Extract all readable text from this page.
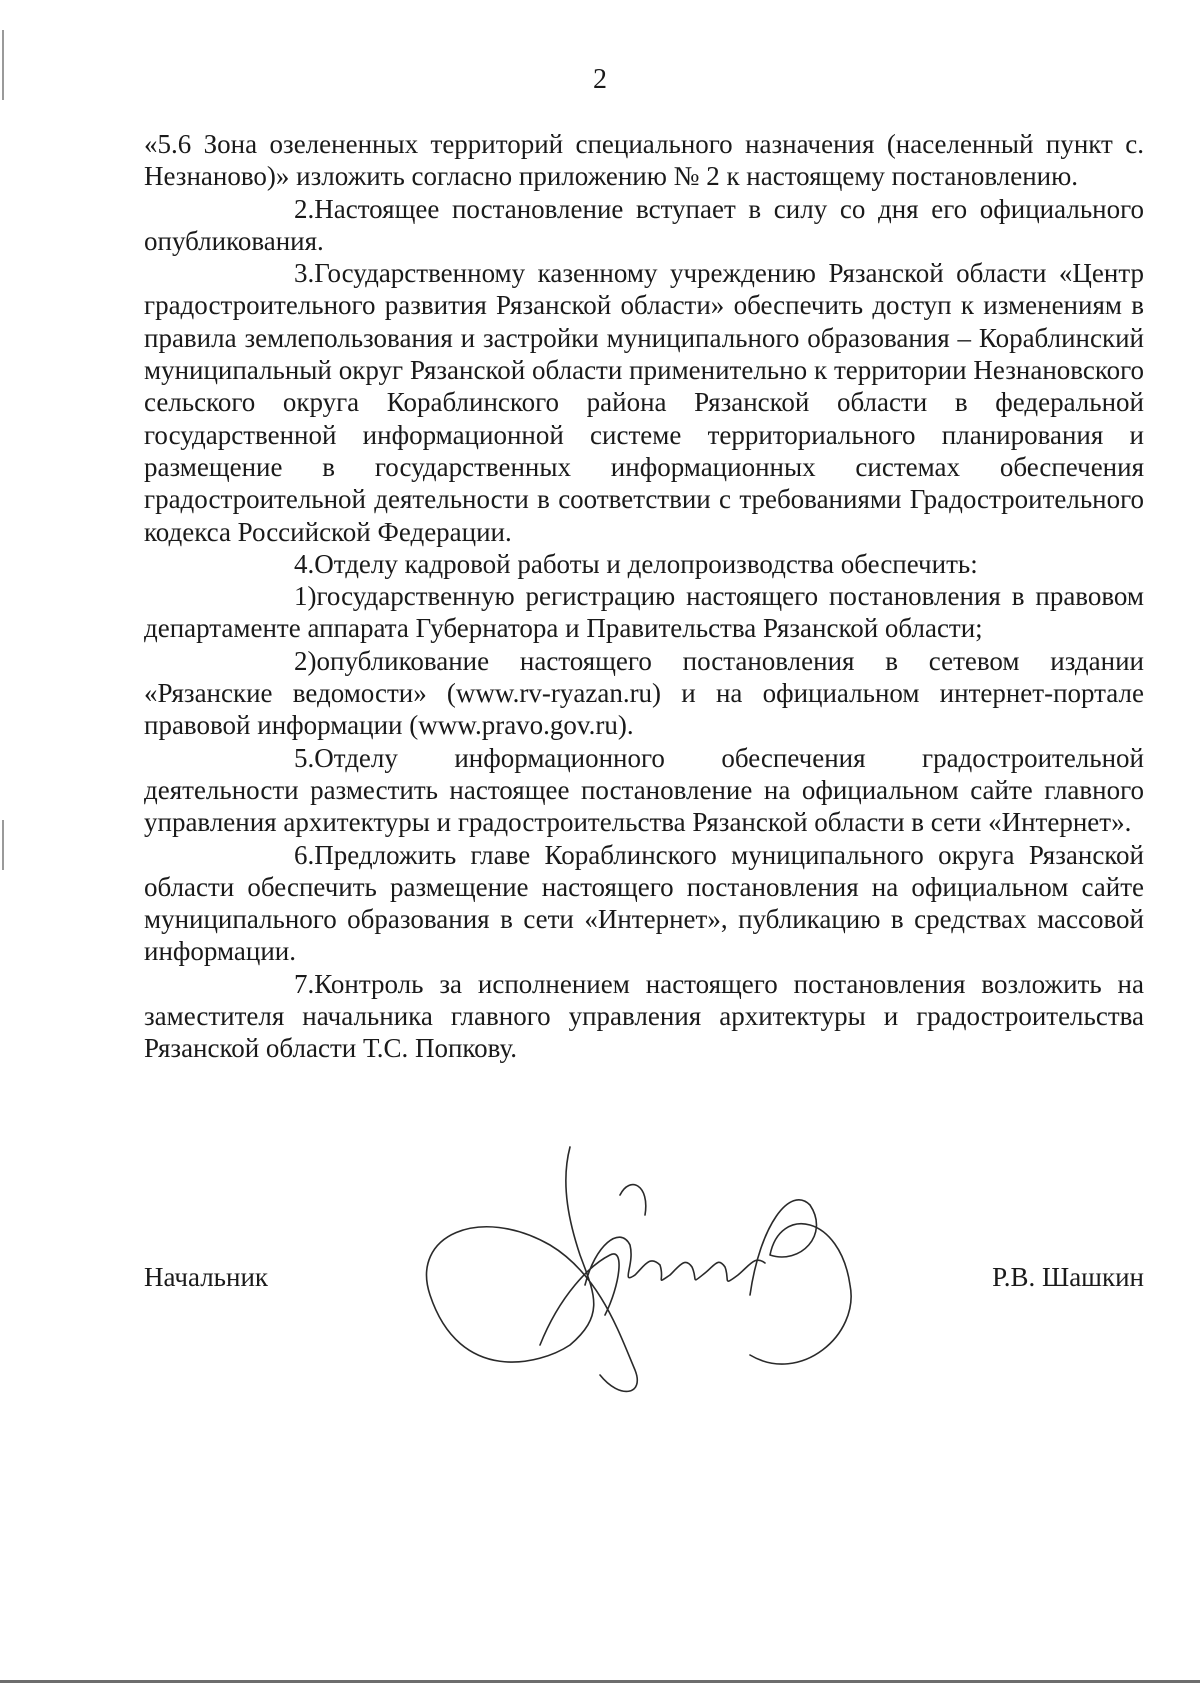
2

«5.6 Зона озелененных территорий специального назначения (населенный пункт с. Незнаново)» изложить согласно приложению № 2 к настоящему постановлению.

2.Настоящее постановление вступает в силу со дня его официального опубликования.

3.Государственному казенному учреждению Рязанской области «Центр градостроительного развития Рязанской области» обеспечить доступ к изменениям в правила землепользования и застройки муниципального образования – Кораблинский муниципальный округ Рязанской области применительно к территории Незнановского сельского округа Кораблинского района Рязанской области в федеральной государственной информационной системе территориального планирования и размещение в государственных информационных системах обеспечения градостроительной деятельности в соответствии с требованиями Градостроительного кодекса Российской Федерации.

4.Отделу кадровой работы и делопроизводства обеспечить:

1)государственную регистрацию настоящего постановления в правовом департаменте аппарата Губернатора и Правительства Рязанской области;

2)опубликование настоящего постановления в сетевом издании «Рязанские ведомости» (www.rv-ryazan.ru) и на официальном интернет-портале правовой информации (www.pravo.gov.ru).

5.Отделу информационного обеспечения градостроительной деятельности разместить настоящее постановление на официальном сайте главного управления архитектуры и градостроительства Рязанской области в сети «Интернет».

6.Предложить главе Кораблинского муниципального округа Рязанской области обеспечить размещение настоящего постановления на официальном сайте муниципального образования в сети «Интернет», публикацию в средствах массовой информации.

7.Контроль за исполнением настоящего постановления возложить на заместителя начальника главного управления архитектуры и градостроительства Рязанской области Т.С. Попкову.

Начальник	Р.В. Шашкин
